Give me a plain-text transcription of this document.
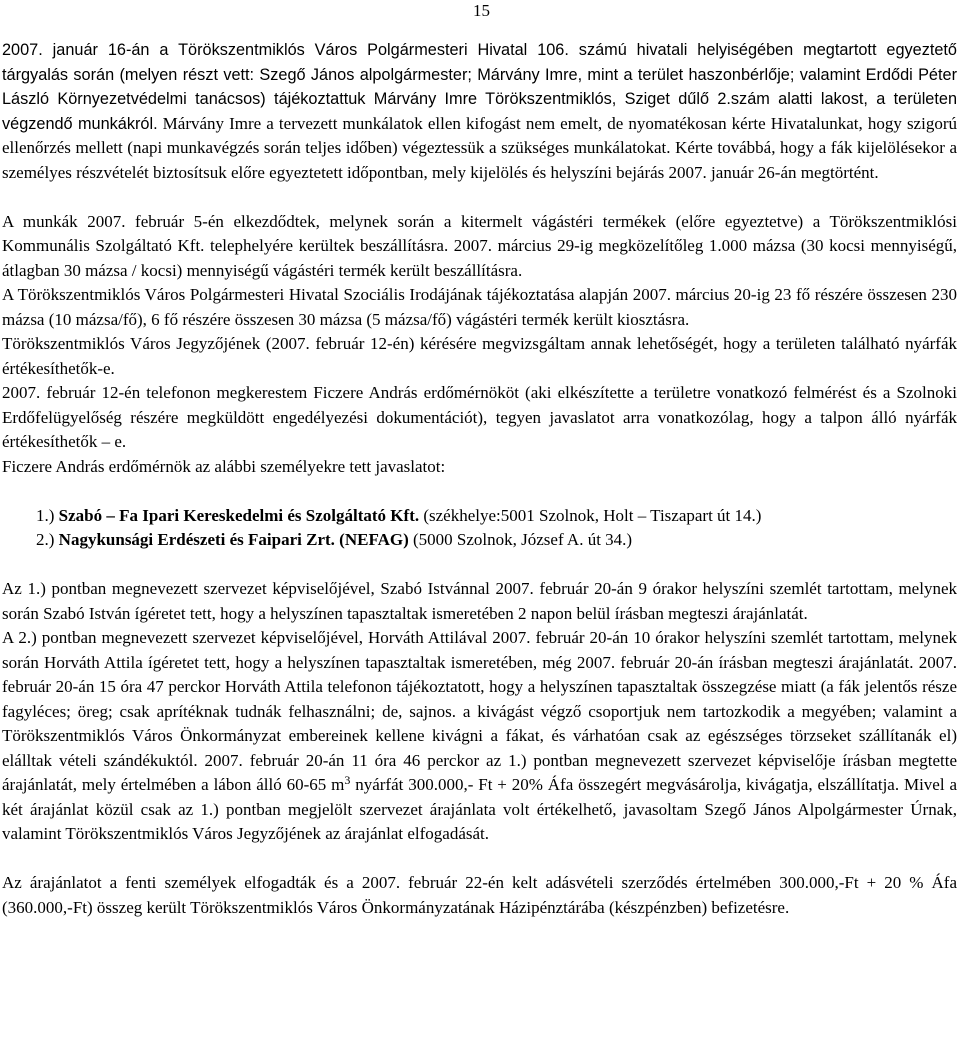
15

2007. január 16-án a Törökszentmiklós Város Polgármesteri Hivatal 106. számú hivatali helyiségében megtartott egyeztető tárgyalás során (melyen részt vett: Szegő János alpolgármester; Márvány Imre, mint a terület haszonbérlője; valamint Erdődi Péter László Környezetvédelmi tanácsos) tájékoztattuk Márvány Imre Törökszentmiklós, Sziget dűlő 2.szám alatti lakost, a területen végzendő munkákról. Márvány Imre a tervezett munkálatok ellen kifogást nem emelt, de nyomatékosan kérte Hivatalunkat, hogy szigorú ellenőrzés mellett (napi munkavégzés során teljes időben) végeztessük a szükséges munkálatokat. Kérte továbbá, hogy a fák kijelölésekor a személyes részvételét biztosítsuk előre egyeztetett időpontban, mely kijelölés és helyszíni bejárás 2007. január 26-án megtörtént.

A munkák 2007. február 5-én elkezdődtek, melynek során a kitermelt vágástéri termékek (előre egyeztetve) a Törökszentmiklósi Kommunális Szolgáltató Kft. telephelyére kerültek beszállításra. 2007. március 29-ig megközelítőleg 1.000 mázsa (30 kocsi mennyiségű, átlagban 30 mázsa / kocsi) mennyiségű vágástéri termék került beszállításra.

A Törökszentmiklós Város Polgármesteri Hivatal Szociális Irodájának tájékoztatása alapján 2007. március 20-ig 23 fő részére összesen 230 mázsa (10 mázsa/fő), 6 fő részére összesen 30 mázsa (5 mázsa/fő) vágástéri termék került kiosztásra.

Törökszentmiklós Város Jegyzőjének (2007. február 12-én) kérésére megvizsgáltam annak lehetőségét, hogy a területen található nyárfák értékesíthetők-e.

2007. február 12-én telefonon megkerestem Ficzere András erdőmérnököt (aki elkészítette a területre vonatkozó felmérést és a Szolnoki Erdőfelügyelőség részére megküldött engedélyezési dokumentációt), tegyen javaslatot arra vonatkozólag, hogy a talpon álló nyárfák értékesíthetők – e.

Ficzere András erdőmérnök az alábbi személyekre tett javaslatot:

1.) Szabó – Fa Ipari Kereskedelmi és Szolgáltató Kft. (székhelye:5001 Szolnok, Holt – Tiszapart út 14.)

2.) Nagykunsági Erdészeti és Faipari Zrt. (NEFAG) (5000 Szolnok, József A. út 34.)

Az 1.) pontban megnevezett szervezet képviselőjével, Szabó Istvánnal 2007. február 20-án 9 órakor helyszíni szemlét tartottam, melynek során Szabó István ígéretet tett, hogy a helyszínen tapasztaltak ismeretében 2 napon belül írásban megteszi árajánlatát.

A 2.) pontban megnevezett szervezet képviselőjével, Horváth Attilával 2007. február 20-án 10 órakor helyszíni szemlét tartottam, melynek során Horváth Attila ígéretet tett, hogy a helyszínen tapasztaltak ismeretében, még 2007. február 20-án írásban megteszi árajánlatát. 2007. február 20-án 15 óra 47 perckor Horváth Attila telefonon tájékoztatott, hogy a helyszínen tapasztaltak összegzése miatt (a fák jelentős része fagyléces; öreg; csak aprítéknak tudnák felhasználni; de, sajnos. a kivágást végző csoportjuk nem tartozkodik a megyében; valamint a Törökszentmiklós Város Önkormányzat embereinek kellene kivágni a fákat, és várhatóan csak az egészséges törzseket szállítanák el) elálltak vételi szándékuktól. 2007. február 20-án 11 óra 46 perckor az 1.) pontban megnevezett szervezet képviselője írásban megtette árajánlatát, mely értelmében a lábon álló 60-65 $m^3$ nyárfát 300.000,- Ft + 20% Áfa összegért megvásárolja, kivágatja, elszállítatja. Mivel a két árajánlat közül csak az 1.) pontban megjelölt szervezet árajánlata volt értékelhető, javasoltam Szegő János Alpolgármester Úrnak, valamint Törökszentmiklós Város Jegyzőjének az árajánlat elfogadását.

Az árajánlatot a fenti személyek elfogadták és a 2007. február 22-én kelt adásvételi szerződés értelmében 300.000,-Ft + 20 % Áfa (360.000,-Ft) összeg került Törökszentmiklós Város Önkormányzatának Házipénztárába (készpénzben) befizetésre.
